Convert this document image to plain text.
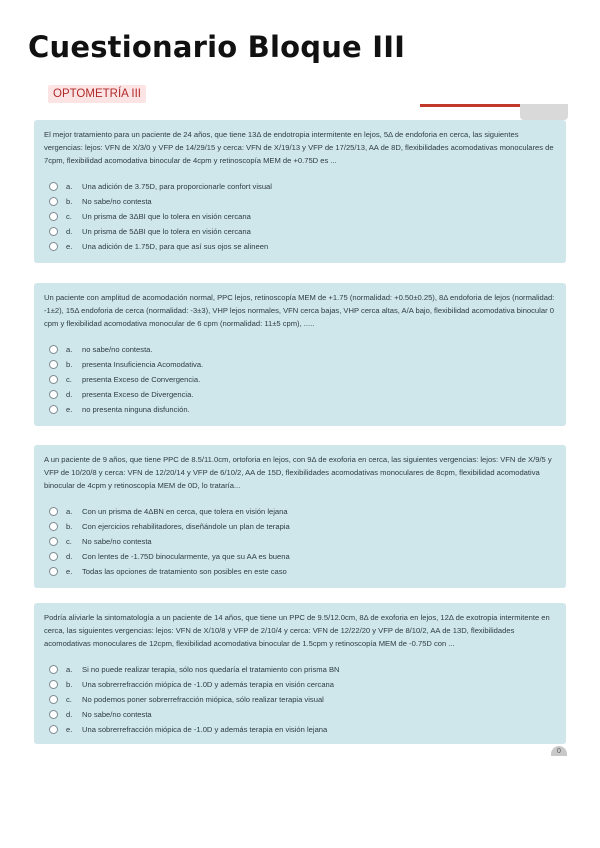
Cuestionario Bloque III
OPTOMETRÍA III

El mejor tratamiento para un paciente de 24 años, que tiene 13Δ de endotropia intermitente en lejos, 5Δ de endoforia en cerca, las siguientes vergencias: lejos: VFN de X/3/0 y VFP de 14/29/15 y cerca: VFN de X/19/13 y VFP de 17/25/13, AA de 8D, flexibilidades acomodativas monoculares de 7cpm, flexibilidad acomodativa binocular de 4cpm y retinoscopía MEM de +0.75D es ...

a.	Una adición de 3.75D, para proporcionarle confort visual
b.	No sabe/no contesta
c.	Un prisma de 3ΔBI que lo tolera en visión cercana
d.	Un prisma de 5ΔBI que lo tolera en visión cercana
e.	Una adición de 1.75D, para que así sus ojos se alineen

Un paciente con amplitud de acomodación normal, PPC lejos, retinoscopía MEM de +1.75 (normalidad: +0.50±0.25), 8Δ endoforia de lejos (normalidad: -1±2), 15Δ endoforia de cerca (normalidad: -3±3), VHP lejos normales, VFN cerca bajas, VHP cerca altas, A/A bajo, flexibilidad acomodativa binocular 0 cpm y flexibilidad acomodativa monocular de 6 cpm (normalidad: 11±5 cpm), .....

a.	no sabe/no contesta.
b.	presenta Insuficiencia Acomodativa.
c.	presenta Exceso de Convergencia.
d.	presenta Exceso de Divergencia.
e.	no presenta ninguna disfunción.

A un paciente de 9 años, que tiene PPC de 8.5/11.0cm, ortoforia en lejos, con 9Δ de exoforia en cerca, las siguientes vergencias: lejos: VFN de X/9/5 y VFP de 10/20/8 y cerca: VFN de 12/20/14 y VFP de 6/10/2, AA de 15D, flexibilidades acomodativas monoculares de 8cpm, flexibilidad acomodativa binocular de 4cpm y retinoscopía MEM de 0D, lo trataría...

a.	Con un prisma de 4ΔBN en cerca, que tolera en visión lejana
b.	Con ejercicios rehabilitadores, diseñándole un plan de terapia
c.	No sabe/no contesta
d.	Con lentes de -1.75D binocularmente, ya que su AA es buena
e.	Todas las opciones de tratamiento son posibles en este caso

Podría aliviarle la sintomatología a un paciente de 14 años, que tiene un PPC de 9.5/12.0cm, 8Δ de exoforia en lejos, 12Δ de exotropia intermitente en cerca, las siguientes vergencias: lejos: VFN de X/10/8 y VFP de 2/10/4 y cerca: VFN de 12/22/20 y VFP de 8/10/2, AA de 13D, flexibilidades acomodativas monoculares de 12cpm, flexibilidad acomodativa binocular de 1.5cpm y retinoscopía MEM de -0.75D con ...

a.	Si no puede realizar terapia, sólo nos quedaría el tratamiento con prisma BN
b.	Una sobrerrefracción miópica de -1.0D y además terapia en visión cercana
c.	No podemos poner sobrerrefracción miópica, sólo realizar terapia visual
d.	No sabe/no contesta
e.	Una sobrerrefracción miópica de -1.0D y además terapia en visión lejana
0
